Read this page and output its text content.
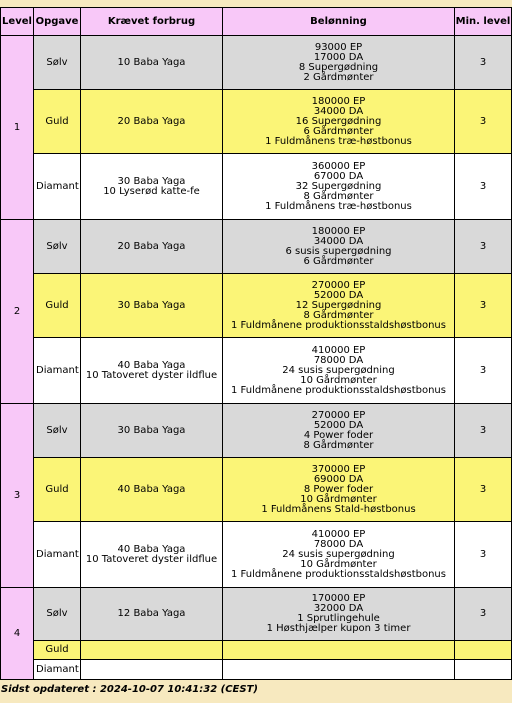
Level	Opgave	Krævet forbrug	Belønning	Min. level
1	Sølv	10 Baba Yaga	93000 EP
17000 DA
8 Supergødning
2 Gårdmønter	3
	Guld	20 Baba Yaga	180000 EP
34000 DA
16 Supergødning
6 Gårdmønter
1 Fuldmånens træ-høstbonus	3
	Diamant	30 Baba Yaga
10 Lyserød katte-fe	360000 EP
67000 DA
32 Supergødning
8 Gårdmønter
1 Fuldmånens træ-høstbonus	3
2	Sølv	20 Baba Yaga	180000 EP
34000 DA
6 susis supergødning
6 Gårdmønter	3
	Guld	30 Baba Yaga	270000 EP
52000 DA
12 Supergødning
8 Gårdmønter
1 Fuldmånene produktionsstaldshøstbonus	3
	Diamant	40 Baba Yaga
10 Tatoveret dyster ildflue	410000 EP
78000 DA
24 susis supergødning
10 Gårdmønter
1 Fuldmånene produktionsstaldshøstbonus	3
3	Sølv	30 Baba Yaga	270000 EP
52000 DA
4 Power foder
8 Gårdmønter	3
	Guld	40 Baba Yaga	370000 EP
69000 DA
8 Power foder
10 Gårdmønter
1 Fuldmånens Stald-høstbonus	3
	Diamant	40 Baba Yaga
10 Tatoveret dyster ildflue	410000 EP
78000 DA
24 susis supergødning
10 Gårdmønter
1 Fuldmånene produktionsstaldshøstbonus	3
4	Sølv	12 Baba Yaga	170000 EP
32000 DA
1 Sprutlingehule
1 Høsthjælper kupon 3 timer	3
	Guld			
	Diamant			
Sidst opdateret : 2024-10-07 10:41:32 (CEST)
